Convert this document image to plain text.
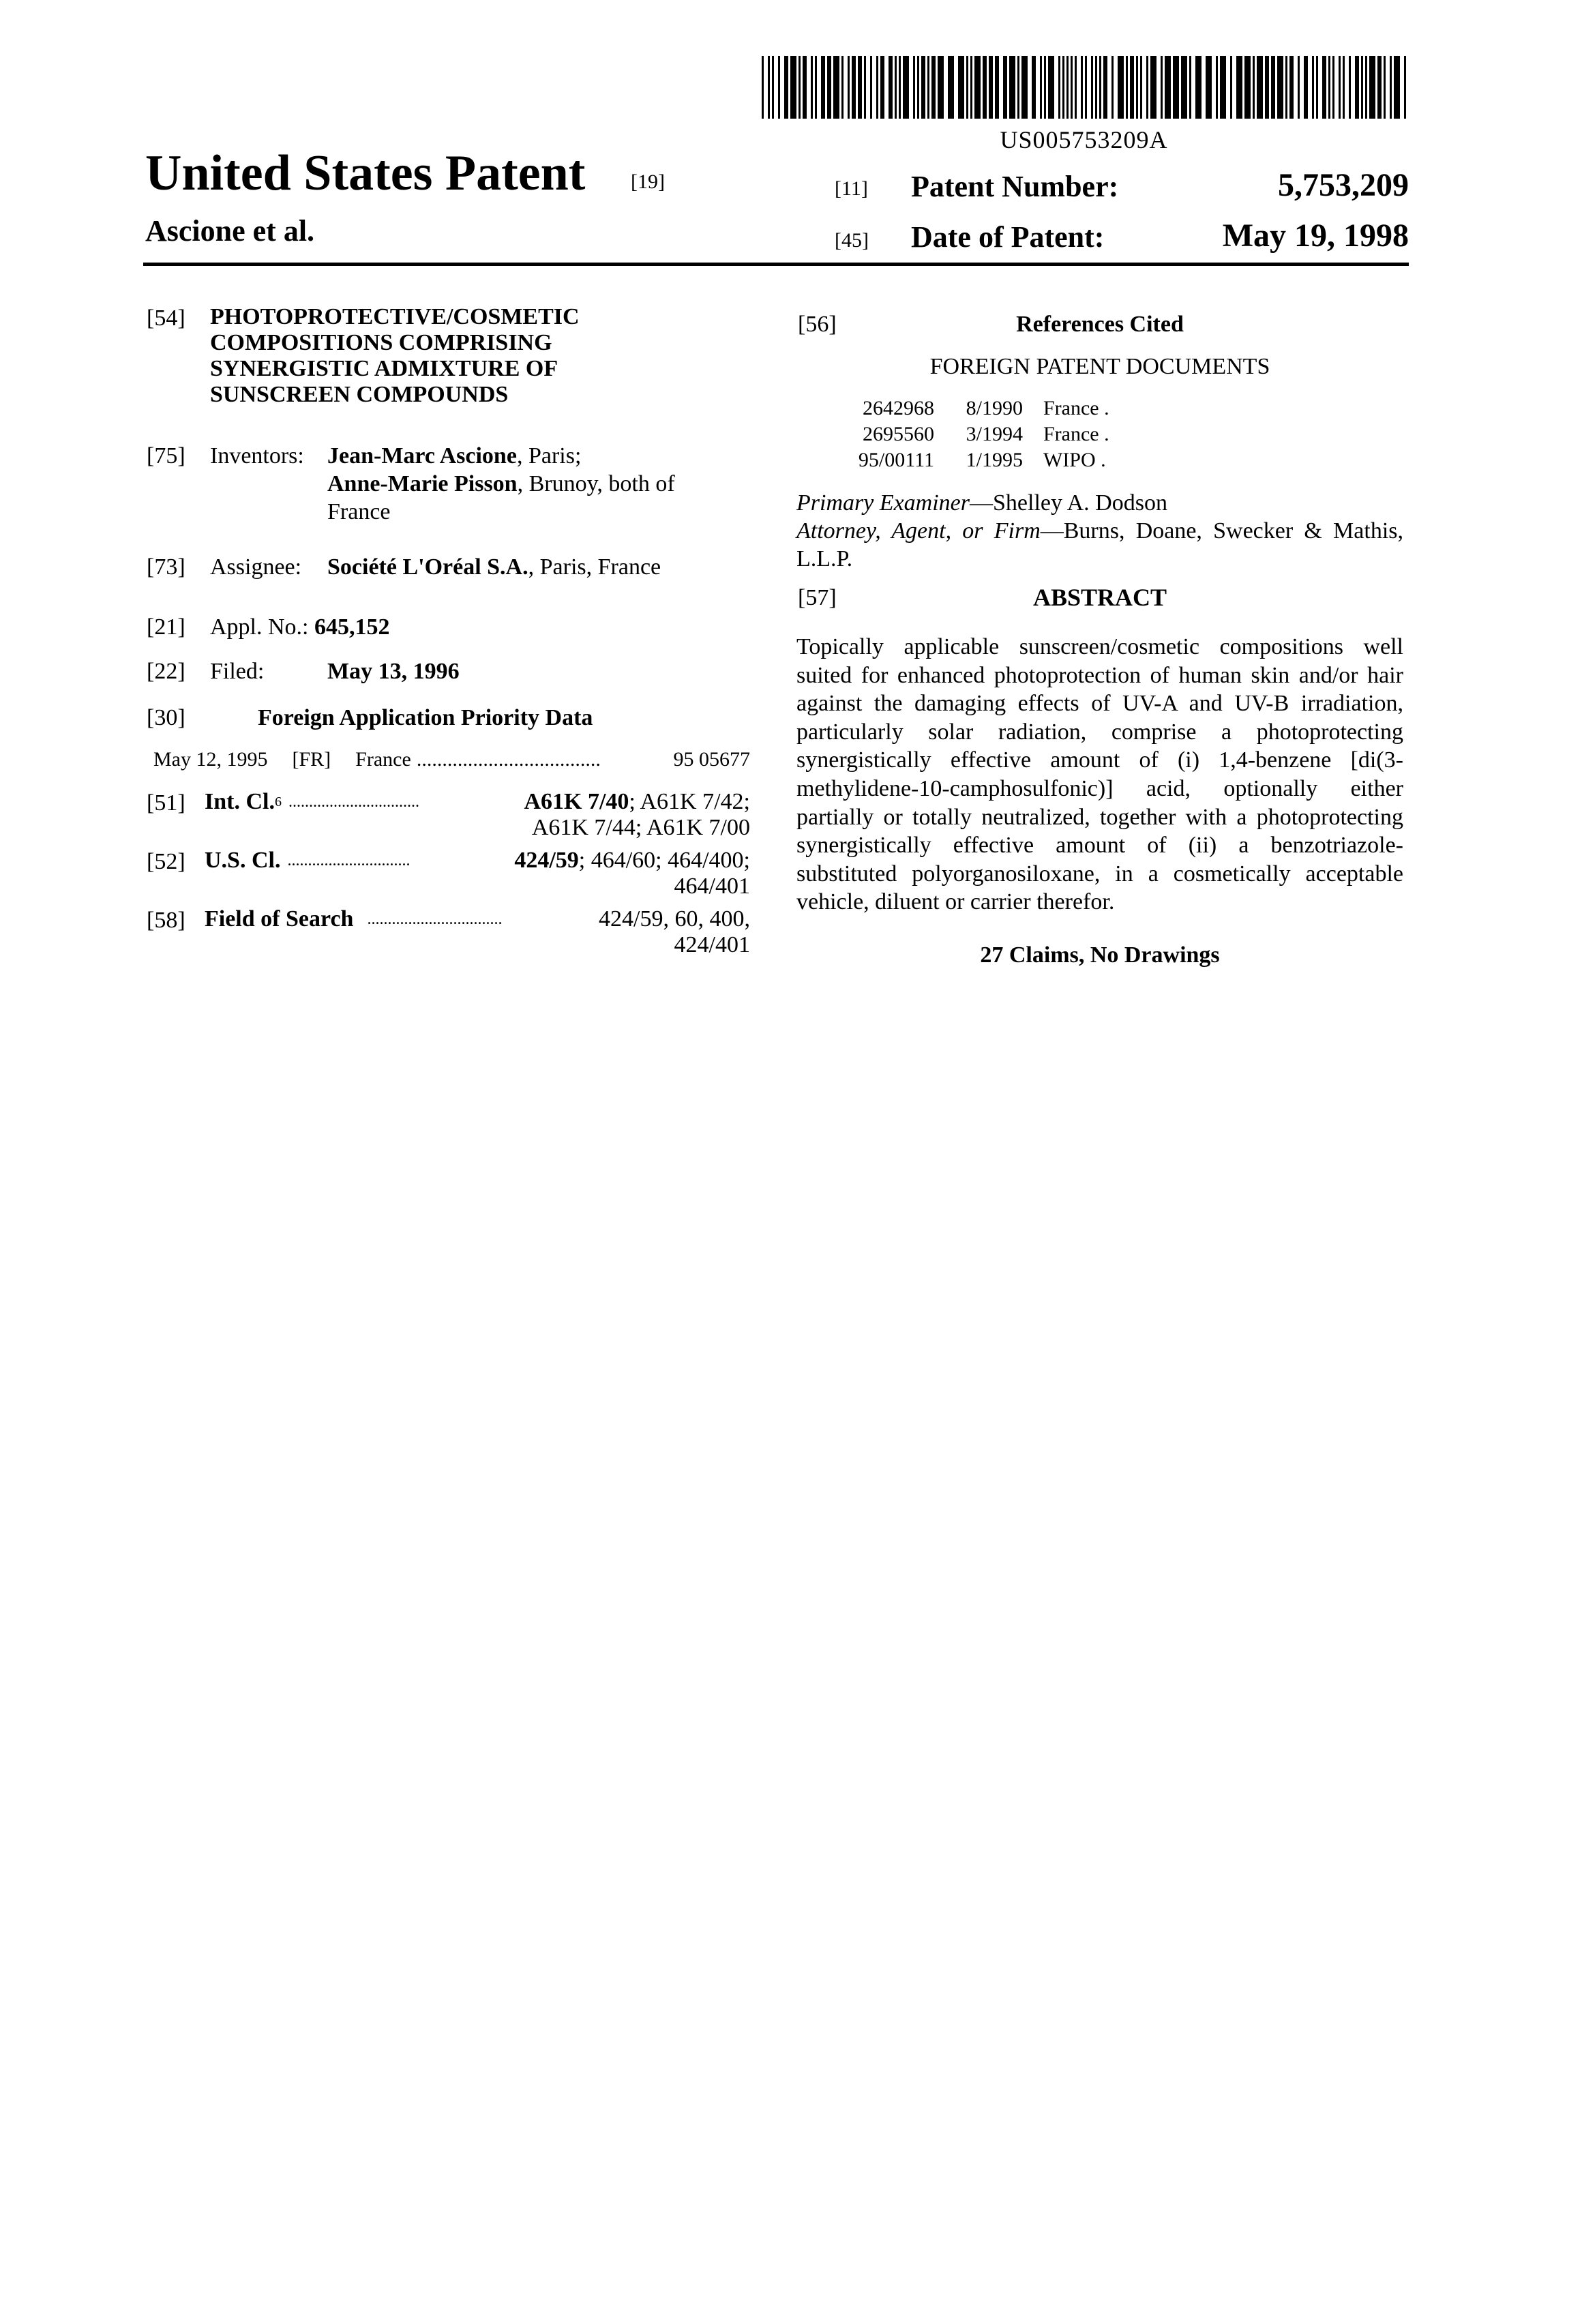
US005753209A
United States Patent [19]
Ascione et al.
[11] Patent Number:	5,753,209
[45] Date of Patent:	May 19, 1998
[54] PHOTOPROTECTIVE/COSMETIC
COMPOSITIONS COMPRISING
SYNERGISTIC ADMIXTURE OF
SUNSCREEN COMPOUNDS
[75] Inventors: Jean-Marc Ascione, Paris;
Anne-Marie Pisson, Brunoy, both of
France
[73] Assignee: Société L'Oréal S.A., Paris, France
[21] Appl. No.: 645,152
[22] Filed:	May 13, 1996
[30]	Foreign Application Priority Data
May 12, 1995 [FR] France ....................................	95 05677
[51] Int. Cl. 6 ................................	A61K 7/40 ; A61K 7/42;
A61K 7/44; A61K 7/00
[52] U.S. Cl. ..............................	424/59 ; 464/60; 464/400;
464/401
[58] Field of Search .................................	424/59, 60, 400,
424/401
[56]	References Cited
FOREIGN PATENT DOCUMENTS
2642968	8/1990 France .
2695560	3/1994 France .
95/00111	1/1995 WIPO .
Primary Examiner—Shelley A. Dodson
Attorney, Agent, or Firm—Burns, Doane, Swecker & Mathis, L.L.P.
[57]	ABSTRACT
Topically applicable sunscreen/cosmetic compositions well suited for enhanced photoprotection of human skin and/or hair against the damaging effects of UV-A and UV-B irradiation, particularly solar radiation, comprise a photoprotecting synergistically effective amount of (i) 1,4-benzene [di(3-methylidene-10-camphosulfonic)] acid, optionally either partially or totally neutralized, together with a photoprotecting synergistically effective amount of (ii) a benzotriazole-substituted polyorganosiloxane, in a cosmetically acceptable vehicle, diluent or carrier therefor.
27 Claims, No Drawings
